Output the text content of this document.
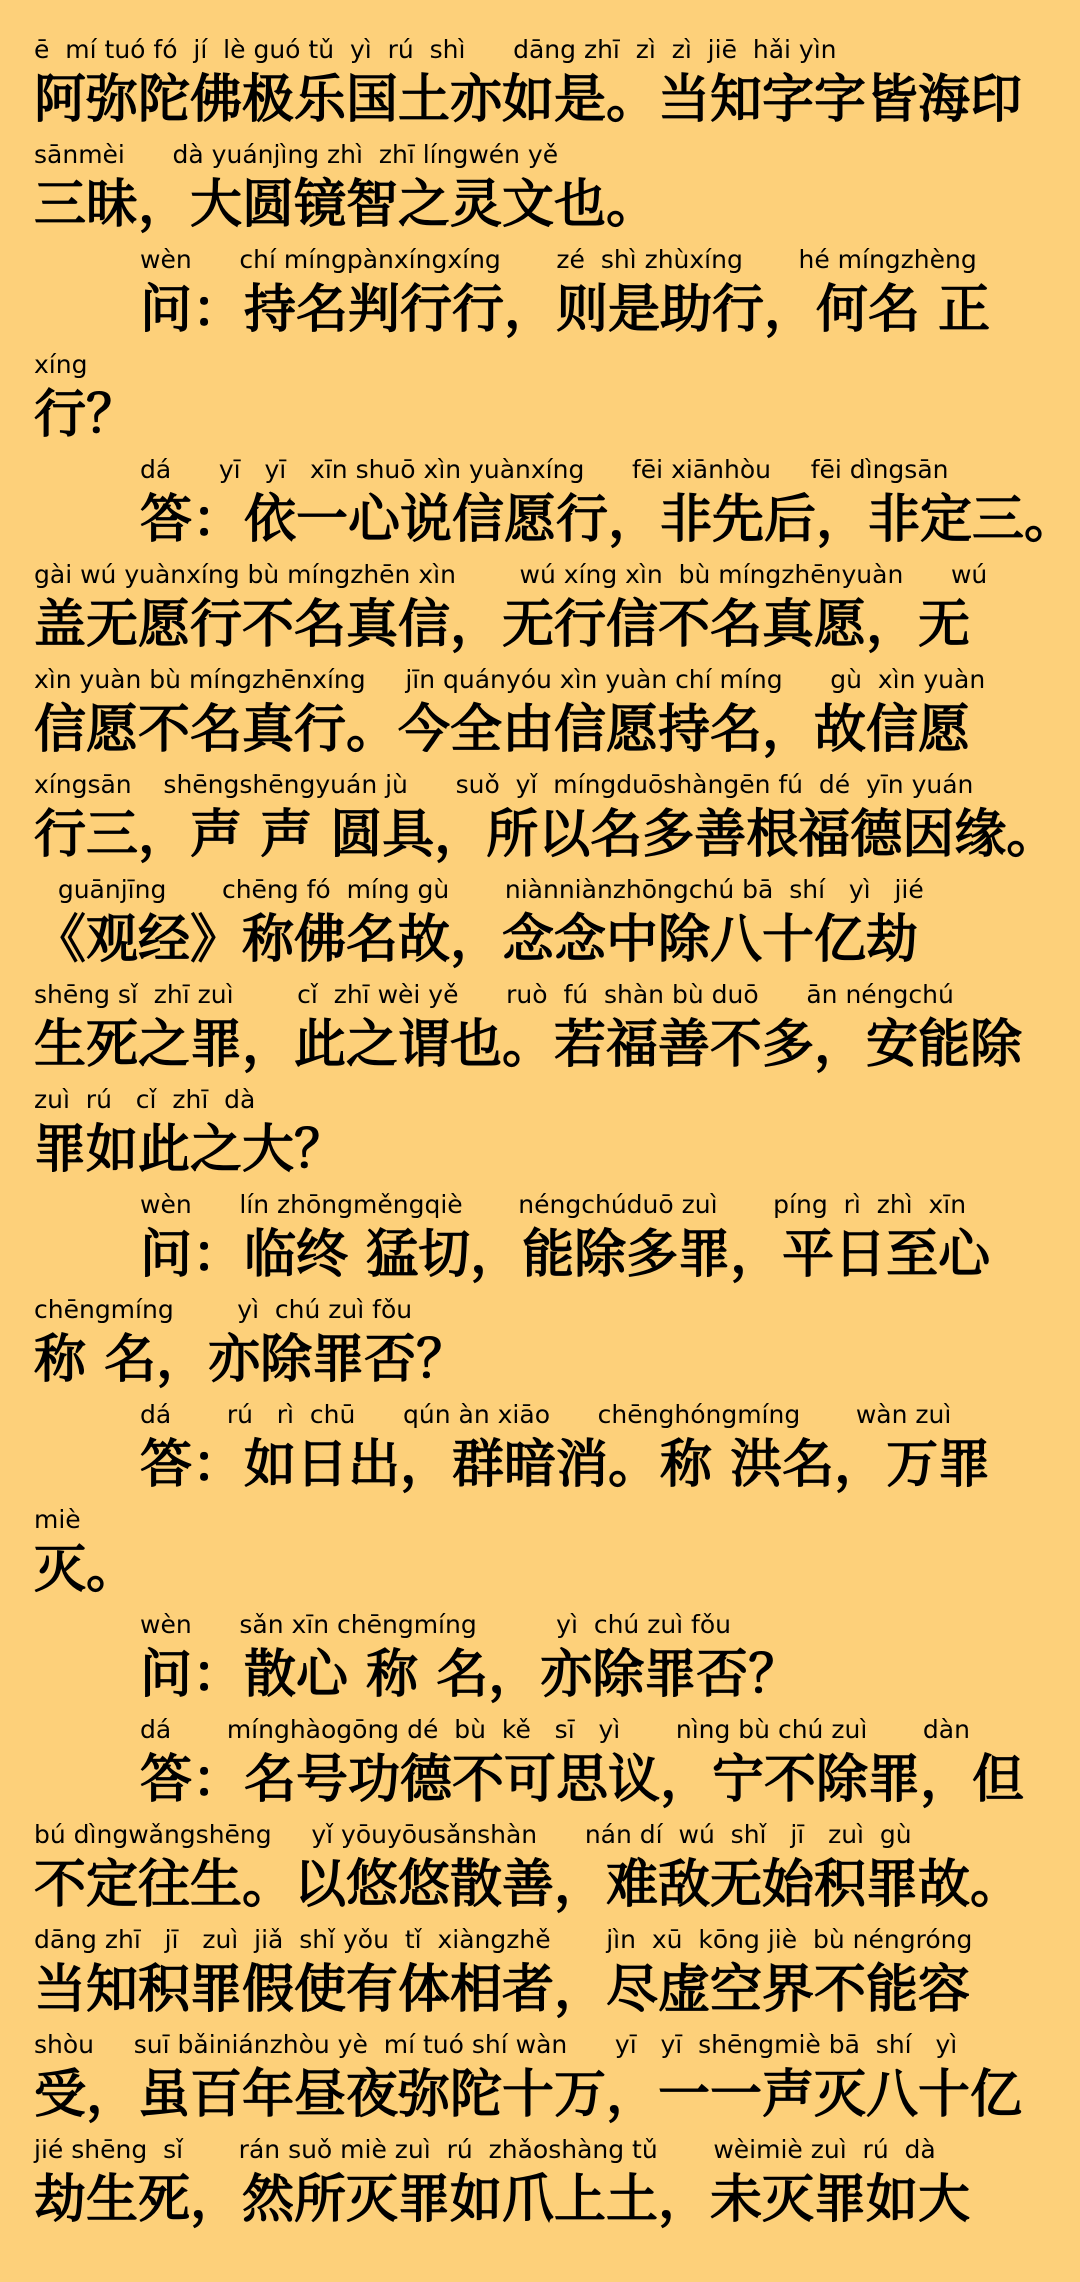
ē  mí tuó fó  jí  lè guó tǔ  yì  rú  shì      dāng zhī  zì  zì  jiē  hǎi yìn
阿弥陀佛极乐国土亦如是。当知字字皆海印
sānmèi      dà yuánjìng zhì  zhī língwén yě
三昧，大圆镜智之灵文也。
wèn      chí míngpànxíngxíng       zé  shì zhùxíng       hé míngzhèng
问：持名判行行，则是助行，何名 正
xíng
行？
dá      yī   yī   xīn shuō xìn yuànxíng      fēi xiānhòu     fēi dìngsān
答：依一心说信愿行，非先后，非定三。
gài wú yuànxíng bù míngzhēn xìn        wú xíng xìn  bù míngzhēnyuàn      wú
盖无愿行不名真信，无行信不名真愿，无
xìn yuàn bù míngzhēnxíng     jīn quányóu xìn yuàn chí míng      gù  xìn yuàn
信愿不名真行。今全由信愿持名，故信愿
xíngsān    shēngshēngyuán jù      suǒ  yǐ  míngduōshàngēn fú  dé  yīn yuán
行三，声 声 圆具，所以名多善根福德因缘。
guānjīng       chēng fó  míng gù       niànniànzhōngchú bā  shí   yì   jié
《观经》称佛名故，念念中除八十亿劫
shēng sǐ  zhī zuì        cǐ  zhī wèi yě      ruò  fú  shàn bù duō      ān néngchú
生死之罪，此之谓也。若福善不多，安能除
zuì  rú   cǐ  zhī  dà
罪如此之大？
wèn      lín zhōngměngqiè       néngchúduō zuì       píng  rì  zhì  xīn
问：临终 猛切，能除多罪，平日至心
chēngmíng        yì  chú zuì fǒu
称 名，亦除罪否？
dá       rú   rì  chū      qún àn xiāo      chēnghóngmíng       wàn zuì
答：如日出，群暗消。称 洪名，万罪
miè
灭。
wèn      sǎn xīn chēngmíng          yì  chú zuì fǒu
问：散心 称 名，亦除罪否？
dá       mínghàogōng dé  bù  kě   sī   yì       nìng bù chú zuì       dàn
答：名号功德不可思议，宁不除罪，但
bú dìngwǎngshēng     yǐ yōuyōusǎnshàn      nán dí  wú  shǐ   jī   zuì  gù
不定往生。以悠悠散善，难敌无始积罪故。
dāng zhī   jī   zuì  jiǎ  shǐ yǒu  tǐ  xiàngzhě       jìn  xū  kōng jiè  bù néngróng
当知积罪假使有体相者，尽虚空界不能容
shòu     suī bǎiniánzhòu yè  mí tuó shí wàn      yī   yī  shēngmiè bā  shí   yì
受，虽百年昼夜弥陀十万，一一声灭八十亿
jié shēng  sǐ       rán suǒ miè zuì  rú  zhǎoshàng tǔ       wèimiè zuì  rú  dà
劫生死，然所灭罪如爪上土，未灭罪如大
